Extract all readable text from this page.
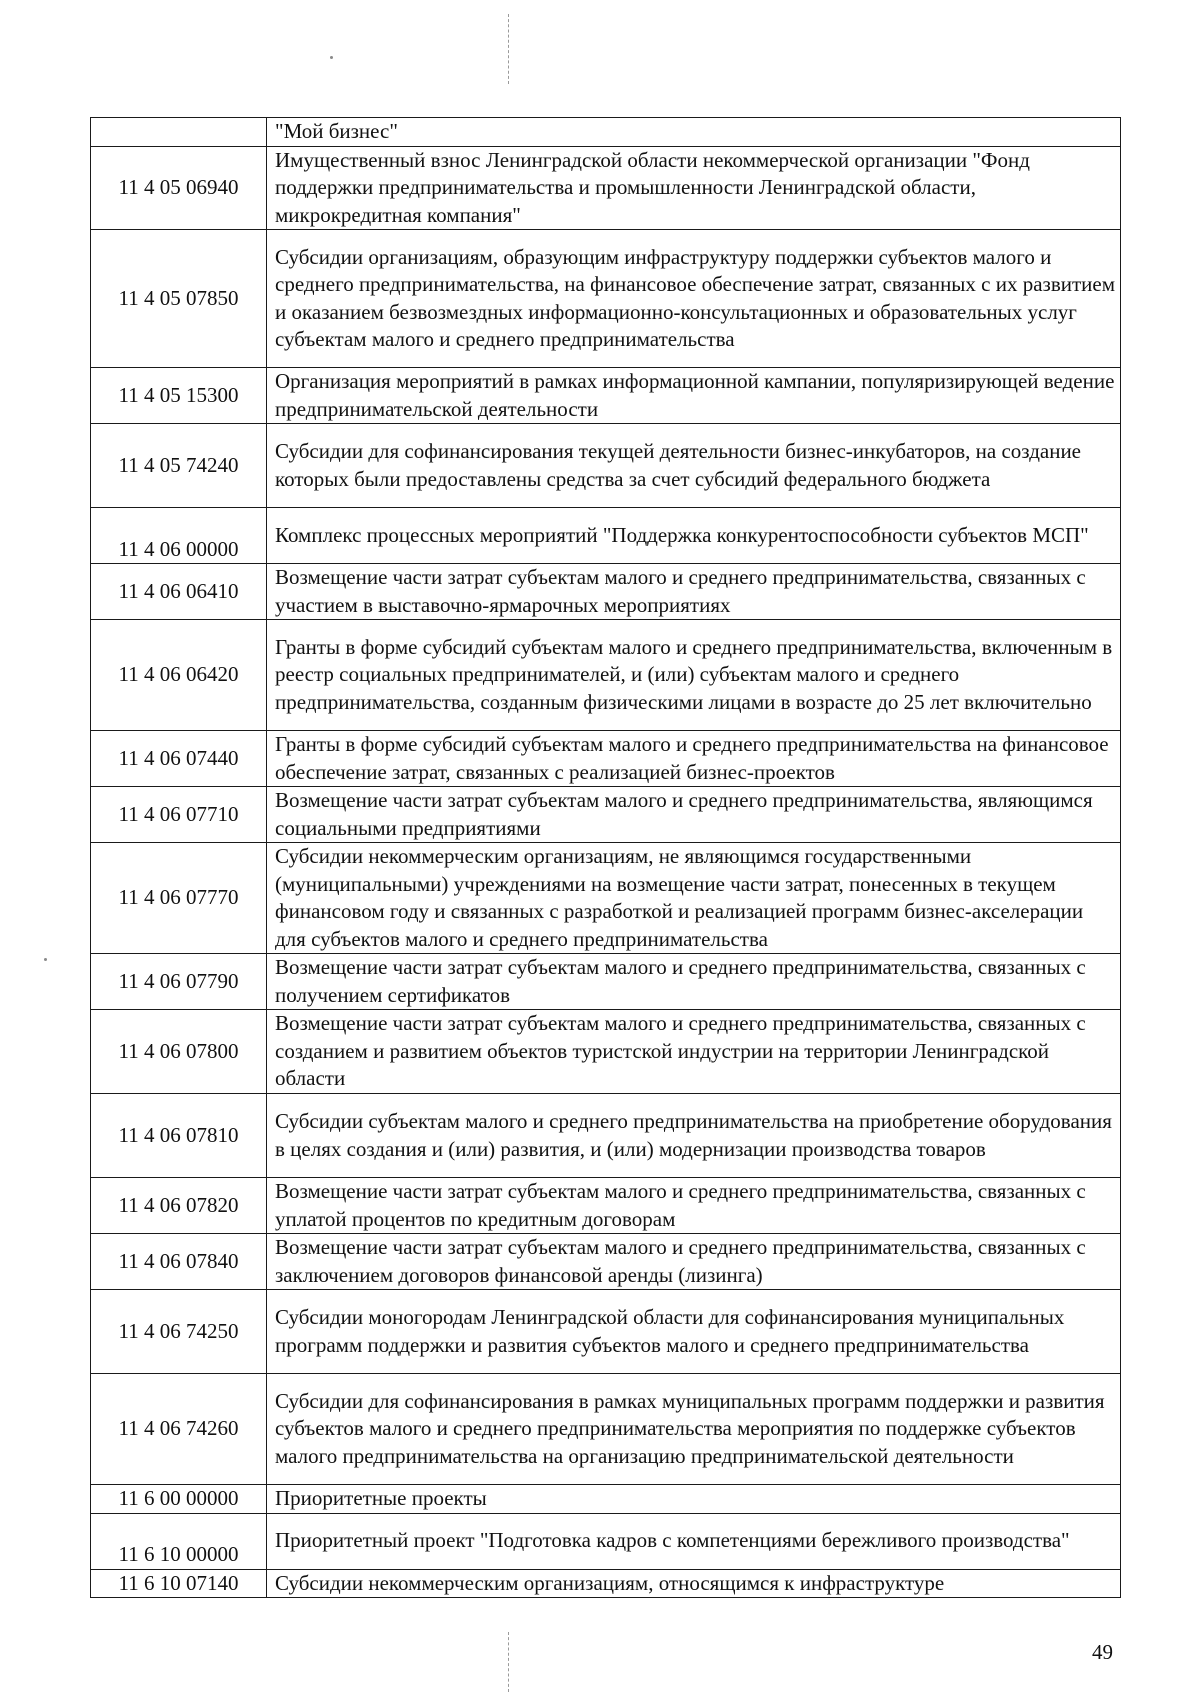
	"Мой бизнес"
11 4 05 06940	Имущественный взнос Ленинградской области некоммерческой организации "Фонд поддержки предпринимательства и промышленности Ленинградской области, микрокредитная компания"
11 4 05 07850	Субсидии организациям, образующим инфраструктуру поддержки субъектов малого и среднего предпринимательства, на финансовое обеспечение затрат, связанных с их развитием и оказанием безвозмездных информационно-консультационных и образовательных услуг субъектам малого и среднего предпринимательства
11 4 05 15300	Организация мероприятий в рамках информационной кампании, популяризирующей ведение предпринимательской деятельности
11 4 05 74240	Субсидии для софинансирования текущей деятельности бизнес-инкубаторов, на создание которых были предоставлены средства за счет субсидий федерального бюджета
11 4 06 00000	Комплекс процессных мероприятий "Поддержка конкурентоспособности субъектов МСП"
11 4 06 06410	Возмещение части затрат субъектам малого и среднего предпринимательства, связанных с участием в выставочно-ярмарочных мероприятиях
11 4 06 06420	Гранты в форме субсидий субъектам малого и среднего предпринимательства, включенным в реестр социальных предпринимателей, и (или) субъектам малого и среднего предпринимательства, созданным физическими лицами в возрасте до 25 лет включительно
11 4 06 07440	Гранты в форме субсидий субъектам малого и среднего предпринимательства на финансовое обеспечение затрат, связанных с реализацией бизнес-проектов
11 4 06 07710	Возмещение части затрат субъектам малого и среднего предпринимательства, являющимся социальными предприятиями
11 4 06 07770	Субсидии некоммерческим организациям, не являющимся государственными (муниципальными) учреждениями на возмещение части затрат, понесенных в текущем финансовом году и связанных с разработкой и реализацией программ бизнес-акселерации для субъектов малого и среднего предпринимательства
11 4 06 07790	Возмещение части затрат субъектам малого и среднего предпринимательства, связанных с получением сертификатов
11 4 06 07800	Возмещение части затрат субъектам малого и среднего предпринимательства, связанных с созданием и развитием объектов туристской индустрии на территории Ленинградской области
11 4 06 07810	Субсидии субъектам малого и среднего предпринимательства на приобретение оборудования в целях создания и (или) развития, и (или) модернизации производства товаров
11 4 06 07820	Возмещение части затрат субъектам малого и среднего предпринимательства, связанных с уплатой процентов по кредитным договорам
11 4 06 07840	Возмещение части затрат субъектам малого и среднего предпринимательства, связанных с заключением договоров финансовой аренды (лизинга)
11 4 06 74250	Субсидии моногородам Ленинградской области для софинансирования муниципальных программ поддержки и развития субъектов малого и среднего предпринимательства
11 4 06 74260	Субсидии для софинансирования в рамках муниципальных программ поддержки и развития субъектов малого и среднего предпринимательства мероприятия по поддержке субъектов малого предпринимательства на организацию предпринимательской деятельности
11 6 00 00000	Приоритетные проекты
11 6 10 00000	Приоритетный проект "Подготовка кадров с компетенциями бережливого производства"
11 6 10 07140	Субсидии некоммерческим организациям, относящимся к инфраструктуре
49
